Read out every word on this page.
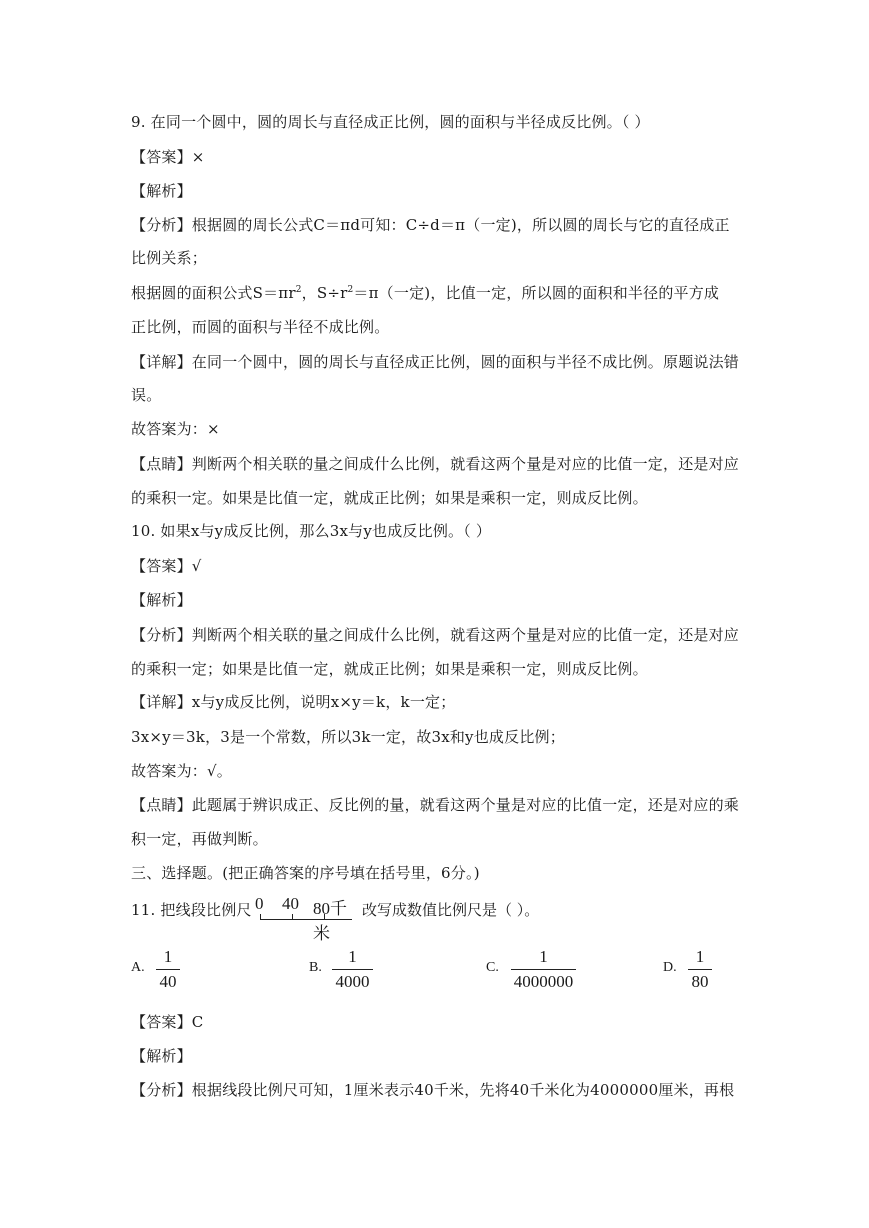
9. 在同一个圆中，圆的周长与直径成正比例，圆的面积与半径成反比例。（ ）
【答案】×
【解析】
【分析】根据圆的周长公式C＝πd可知：C÷d＝π（一定)，所以圆的周长与它的直径成正
比例关系；
根据圆的面积公式$S=\pi r^2$，$S\div r^2=\pi$（一定)，比值一定，所以圆的面积和半径的平方成
正比例，而圆的面积与半径不成比例。
【详解】在同一个圆中，圆的周长与直径成正比例，圆的面积与半径不成比例。原题说法错
误。
故答案为：×
【点睛】判断两个相关联的量之间成什么比例，就看这两个量是对应的比值一定，还是对应
的乘积一定。如果是比值一定，就成正比例；如果是乘积一定，则成反比例。
10. 如果x与y成反比例，那么3x与y也成反比例。（ ）
【答案】√
【解析】
【分析】判断两个相关联的量之间成什么比例，就看这两个量是对应的比值一定，还是对应
的乘积一定；如果是比值一定，就成正比例；如果是乘积一定，则成反比例。
【详解】x与y成反比例，说明x×y＝k，k一定；
3x×y＝3k，3是一个常数，所以3k一定，故3x和y也成反比例；
故答案为：√。
【点睛】此题属于辨识成正、反比例的量，就看这两个量是对应的比值一定，还是对应的乘
积一定，再做判断。
三、选择题。(把正确答案的序号填在括号里，6分。)
11. 把线段比例尺 0 40 80千米
改写成数值比例尺是（ ）。
A.
1
40
B.
1
4000
C.
1
4000000
D.
1
80
【答案】C
【解析】
【分析】根据线段比例尺可知，1厘米表示40千米，先将40千米化为4000000厘米，再根
